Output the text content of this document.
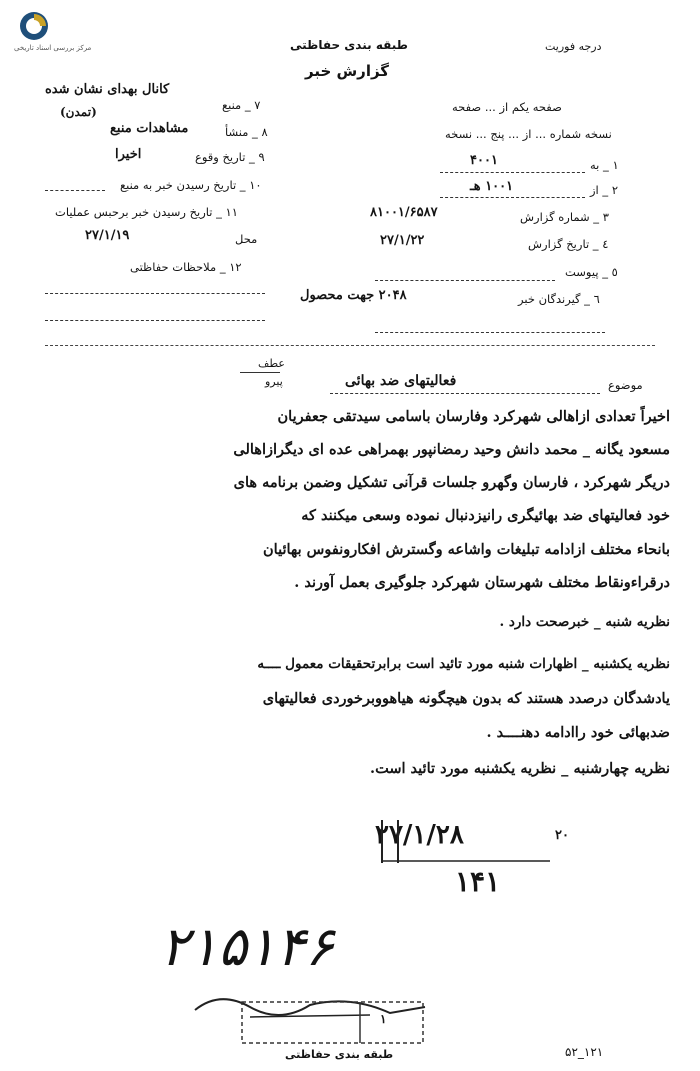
مرکز بررسی اسناد تاریخی	طبقه بندی حفاظتی
گزارش خبر
درجه فوریت
صفحه یکم از ... صفحه
نسخه شماره ... از ... پنج ... نسخه
۱ _ به
۴۰۰۱
۲ _ از
۱۰۰۱ هـ
۳ _ شماره گزارش
۸۱۰۰۱/۶۵۸۷
٤ _ تاریخ گزارش
۲۷/۱/۲۲
٥ _ پیوست
٦ _ گیرندگان خبر
۲۰۴۸ جهت محصول
کانال بهدای نشان شده
(تمدن)	۷ _ منبع
۸ _ منشأ
مشاهدات منبع
۹ _ تاریخ وقوع
اخیرا
۱۰ _ تاریخ رسیدن خبر به منبع
۱۱ _ تاریخ رسیدن خبر برحبس عملیات
محل
۲۷/۱/۱۹
۱۲ _ ملاحظات حفاظتی
عطف
پیرو	موضوع
فعالیتهای ضد بهائی
اخیراً تعدادی ازاهالی شهرکرد وفارسان باسامی سیدتقی جعفریان
مسعود یگانه _ محمد دانش وحید رمضانپور بهمراهی عده ای دیگرازاهالی
دریگر شهرکرد ، فارسان وگهرو جلسات قرآنی تشکیل وضمن برنامه های
خود فعالیتهای ضد بهائیگری رانیزدنبال نموده وسعی میکنند که
بانحاء مختلف ازادامه تبلیغات واشاعه وگسترش افکارونفوس بهائیان
درقراءونقاط مختلف شهرستان شهرکرد جلوگیری بعمل آورند .
نظریه شنبه _ خبرصحت دارد .
نظریه یکشنبه _ اظهارات شنبه مورد تائید است برابرتحقیقات معمول ــــه
یادشدگان درصدد هستند که بدون هیچگونه هیاهووبرخوردی فعالیتهای
ضدبهائی خود راادامه دهنــــد .
نظریه چهارشنبه _ نظریه یکشنبه مورد تائید است.
۲۷/۱/۲۸	۲۰
۱۴۱
۲۱۵۱۴۶
۱
طبقه بندی حفاظتی	۵۲_۱۲۱
